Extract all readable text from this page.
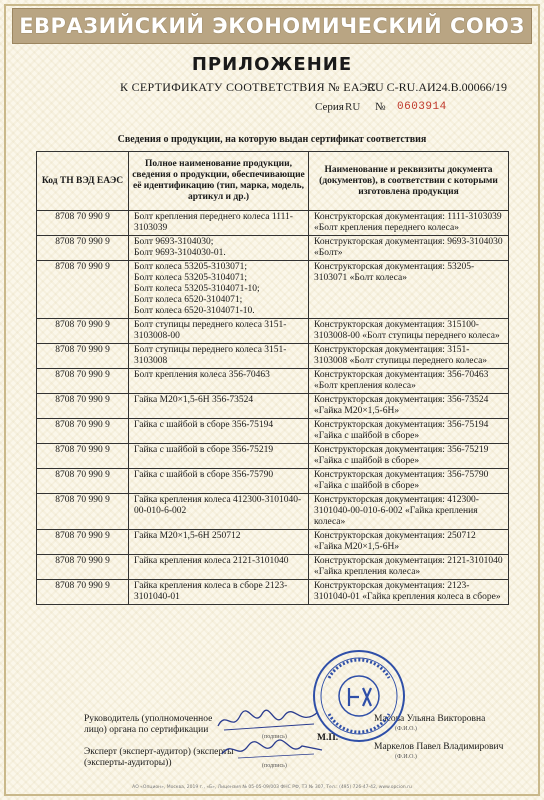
ЕВРАЗИЙСКИЙ ЭКОНОМИЧЕСКИЙ СОЮЗ
ПРИЛОЖЕНИЕ
К СЕРТИФИКАТУ СООТВЕТСТВИЯ № ЕАЭС
RU С-RU.АИ24.В.00066/19
Серия RU № 0603914
Сведения о продукции, на которую выдан сертификат соответствия
Код ТН ВЭД ЕАЭС	Полное наименование продукции, сведения о продукции, обеспечивающие её идентификацию (тип, марка, модель, артикул и др.)	Наименование и реквизиты документа (документов), в соответствии с которыми изготовлена продукция
8708 70 990 9	Болт крепления переднего колеса 1111-3103039	Конструкторская документация: 1111-3103039 «Болт крепления переднего колеса»
8708 70 990 9	Болт 9693-3104030;
Болт 9693-3104030-01.	Конструкторская документация: 9693-3104030 «Болт»
8708 70 990 9	Болт колеса 53205-3103071;
Болт колеса 53205-3104071;
Болт колеса 53205-3104071-10;
Болт колеса 6520-3104071;
Болт колеса 6520-3104071-10.	Конструкторская документация: 53205-3103071 «Болт колеса»
8708 70 990 9	Болт ступицы переднего колеса 3151-3103008-00	Конструкторская документация: 315100-3103008-00 «Болт ступицы переднего колеса»
8708 70 990 9	Болт ступицы переднего колеса 3151-3103008	Конструкторская документация: 3151- 3103008 «Болт ступицы переднего колеса»
8708 70 990 9	Болт крепления колеса 356-70463	Конструкторская документация: 356-70463 «Болт крепления колеса»
8708 70 990 9	Гайка М20×1,5-6Н 356-73524	Конструкторская документация: 356-73524 «Гайка М20×1,5-6Н»
8708 70 990 9	Гайка с шайбой в сборе 356-75194	Конструкторская документация: 356-75194 «Гайка с шайбой в сборе»
8708 70 990 9	Гайка с шайбой в сборе 356-75219	Конструкторская документация: 356-75219 «Гайка с шайбой в сборе»
8708 70 990 9	Гайка с шайбой в сборе 356-75790	Конструкторская документация: 356-75790 «Гайка с шайбой в сборе»
8708 70 990 9	Гайка крепления колеса 412300-3101040-00-010-6-002	Конструкторская документация: 412300-3101040-00-010-6-002 «Гайка крепления колеса»
8708 70 990 9	Гайка М20×1,5-6Н 250712	Конструкторская документация: 250712 «Гайка М20×1,5-6Н»
8708 70 990 9	Гайка крепления колеса 2121-3101040	Конструкторская документация: 2121-3101040 «Гайка крепления колеса»
8708 70 990 9	Гайка крепления колеса в сборе 2123-3101040-01	Конструкторская документация: 2123-3101040-01 «Гайка крепления колеса в сборе»
Руководитель (уполномоченное лицо) органа по сертификации
(подпись)
Масова Ульяна Викторовна
(Ф.И.О.)
М.П.
Эксперт (эксперт-аудитор) (эксперты (эксперты-аудиторы))	(подпись)
Маркелов Павел Владимирович
(Ф.И.О.)
АО «Опцион», Москва, 2019 г., «Б», Лицензия № 05-05-09/003 ФНС РФ, ТЗ № 307, Тел.: (495) 726-47-42, www.opcion.ru
